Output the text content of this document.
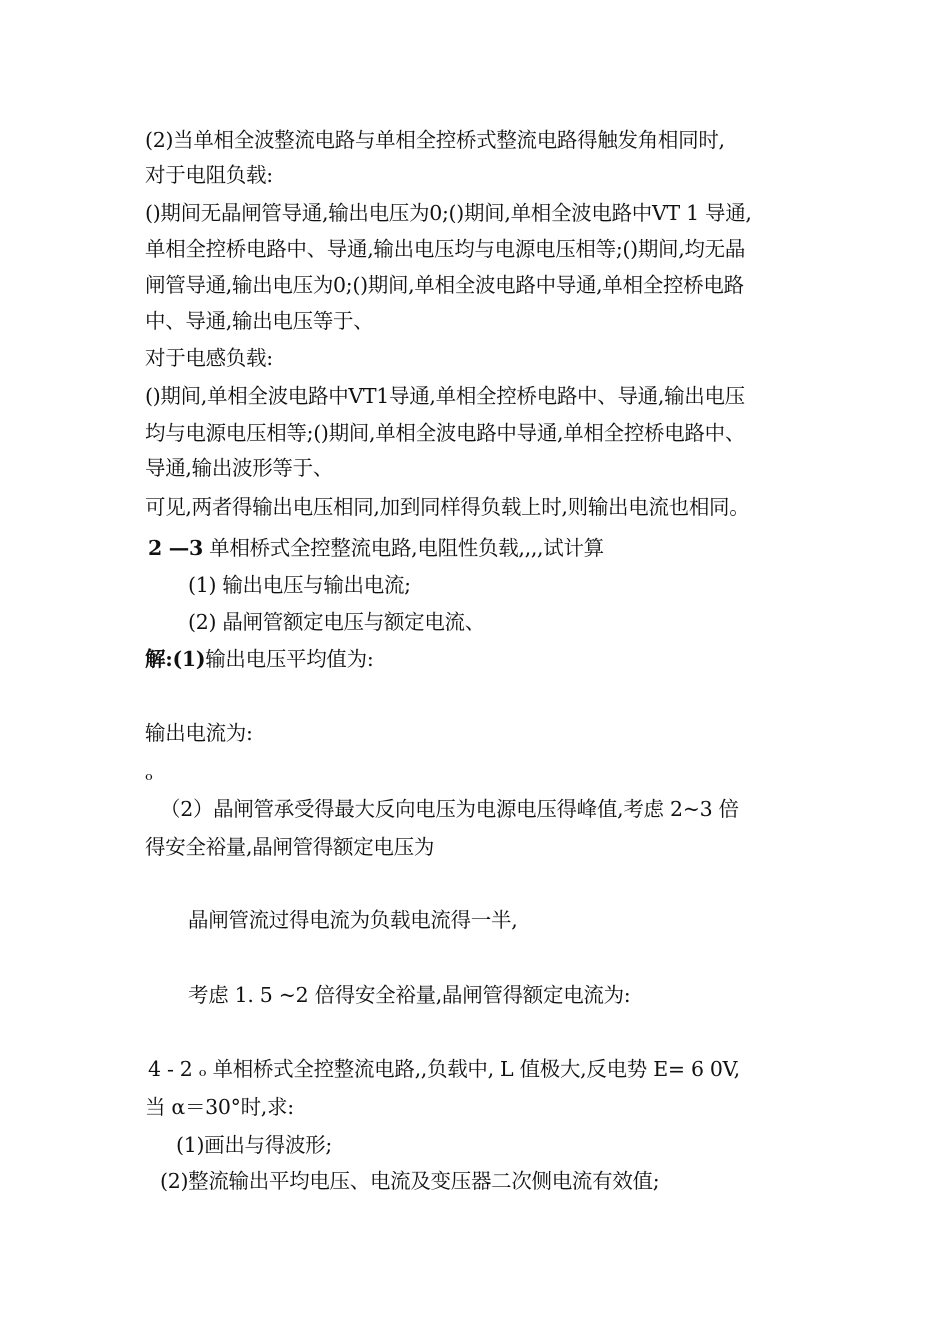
(2)当单相全波整流电路与单相全控桥式整流电路得触发角相同时,
对于电阻负载:
()期间无晶闸管导通,输出电压为0;()期间,单相全波电路中VT 1 导通,
单相全控桥电路中、导通,输出电压均与电源电压相等;()期间,均无晶
闸管导通,输出电压为0;()期间,单相全波电路中导通,单相全控桥电路
中、导通,输出电压等于、
对于电感负载:
()期间,单相全波电路中VT1导通,单相全控桥电路中、导通,输出电压
均与电源电压相等;()期间,单相全波电路中导通,单相全控桥电路中、
导通,输出波形等于、
可见,两者得输出电压相同,加到同样得负载上时,则输出电流也相同。
2 —3 单相桥式全控整流电路,电阻性负载,,,,试计算
(1) 输出电压与输出电流;
(2) 晶闸管额定电压与额定电流、
解:(1)输出电压平均值为:
输出电流为:
ₒ
（2）晶闸管承受得最大反向电压为电源电压得峰值,考虑 2~3 倍
得安全裕量,晶闸管得额定电压为
晶闸管流过得电流为负载电流得一半,
考虑 1. 5 ~2 倍得安全裕量,晶闸管得额定电流为:
4 - 2 ₒ 单相桥式全控整流电路,,负载中, L 值极大,反电势 E= 6 0V,
当 α＝30°时,求:
(1)画出与得波形;
(2)整流输出平均电压、电流及变压器二次侧电流有效值;
